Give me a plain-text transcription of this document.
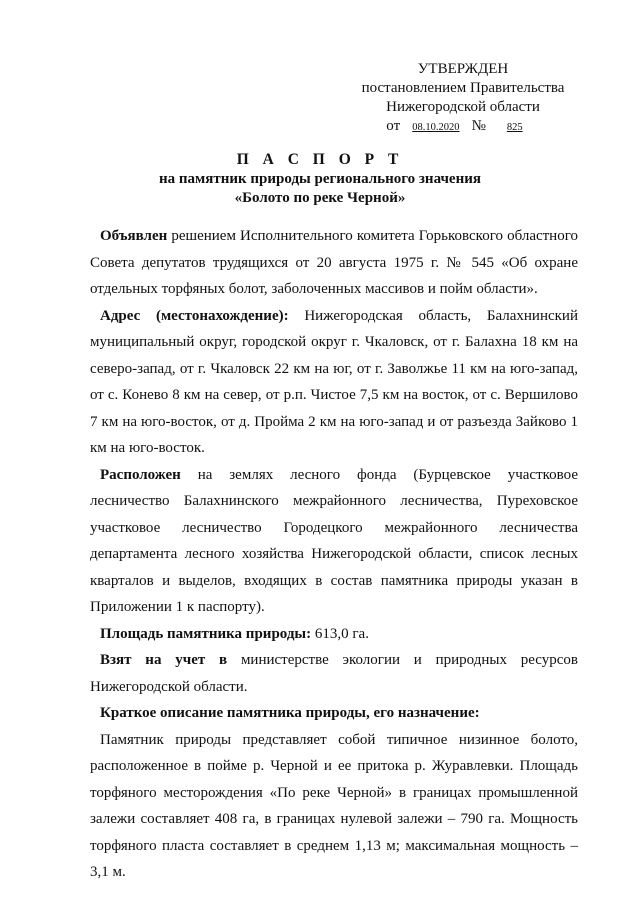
УТВЕРЖДЕН
постановлением Правительства
Нижегородской области
от 08.10.2020 № 825
П А С П О Р Т
на памятник природы регионального значения
«Болото по реке Черной»

Объявлен решением Исполнительного комитета Горьковского областного Совета депутатов трудящихся от 20 августа 1975 г. № 545 «Об охране отдельных торфяных болот, заболоченных массивов и пойм области».

Адрес (местонахождение): Нижегородская область, Балахнинский муниципальный округ, городской округ г. Чкаловск, от г. Балахна 18 км на северо-запад, от г. Чкаловск 22 км на юг, от г. Заволжье 11 км на юго-запад, от с. Конево 8 км на север, от р.п. Чистое 7,5 км на восток, от с. Вершилово 7 км на юго-восток, от д. Пройма 2 км на юго-запад и от разъезда Зайково 1 км на юго-восток.

Расположен на землях лесного фонда (Бурцевское участковое лесничество Балахнинского межрайонного лесничества, Пуреховское участковое лесничество Городецкого межрайонного лесничества департамента лесного хозяйства Нижегородской области, список лесных кварталов и выделов, входящих в состав памятника природы указан в Приложении 1 к паспорту).

Площадь памятника природы: 613,0 га.

Взят на учет в министерстве экологии и природных ресурсов Нижегородской области.

Краткое описание памятника природы, его назначение:

Памятник природы представляет собой типичное низинное болото, расположенное в пойме р. Черной и ее притока р. Журавлевки. Площадь торфяного месторождения «По реке Черной» в границах промышленной залежи составляет 408 га, в границах нулевой залежи – 790 га. Мощность торфяного пласта составляет в среднем 1,13 м; максимальная мощность – 3,1 м.
